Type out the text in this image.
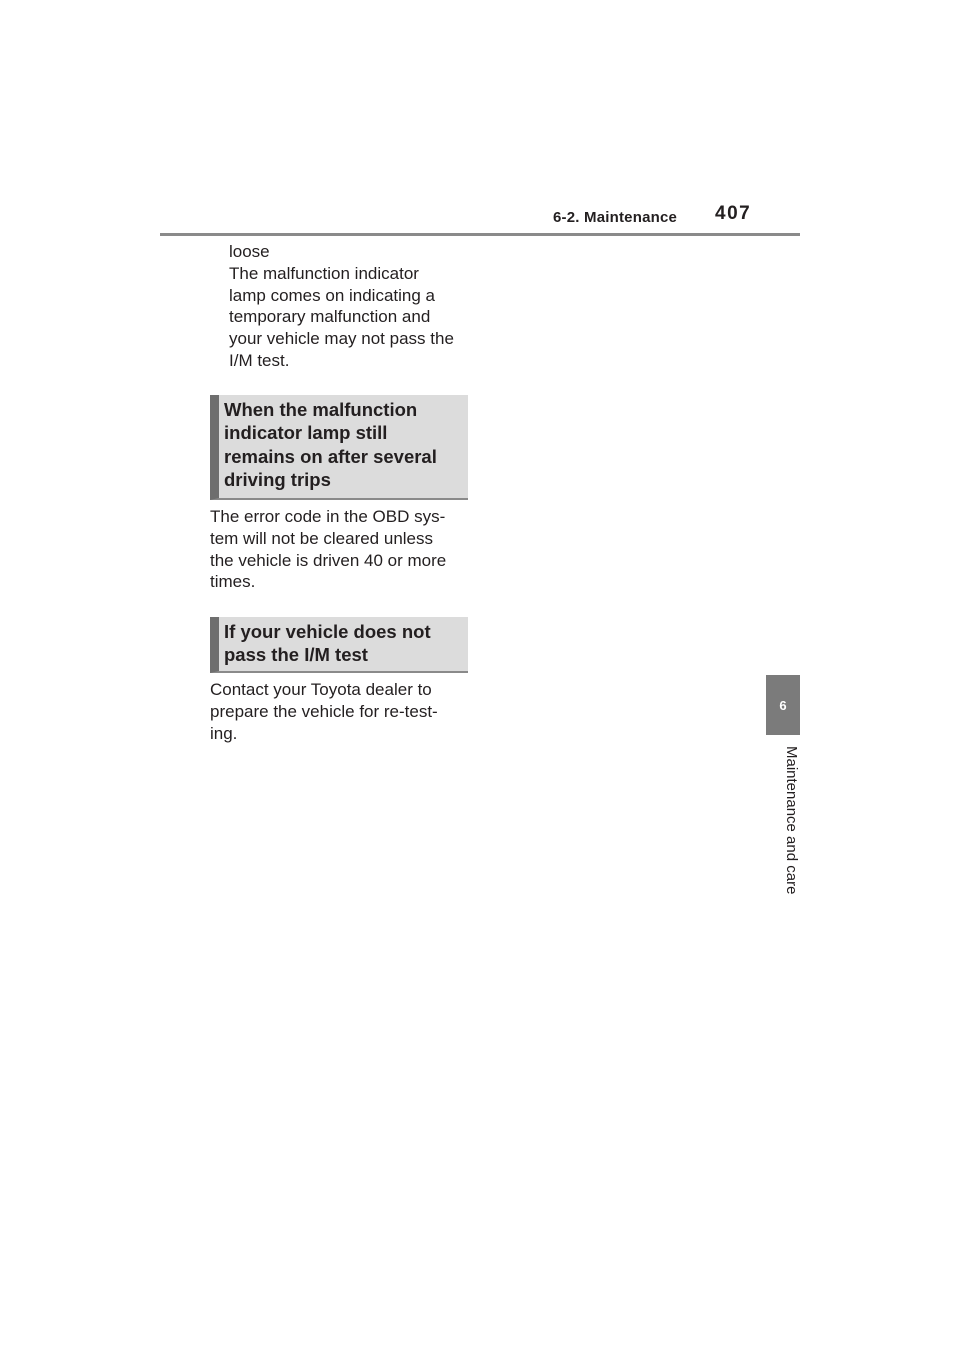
6-2. Maintenance 407
6
Maintenance and care
loose
The malfunction indicator
lamp comes on indicating a
temporary malfunction and
your vehicle may not pass the
I/M test.
When the malfunction
indicator lamp still
remains on after several
driving trips
The error code in the OBD sys-
tem will not be cleared unless
the vehicle is driven 40 or more
times.
If your vehicle does not
pass the I/M test
Contact your Toyota dealer to
prepare the vehicle for re-test-
ing.
